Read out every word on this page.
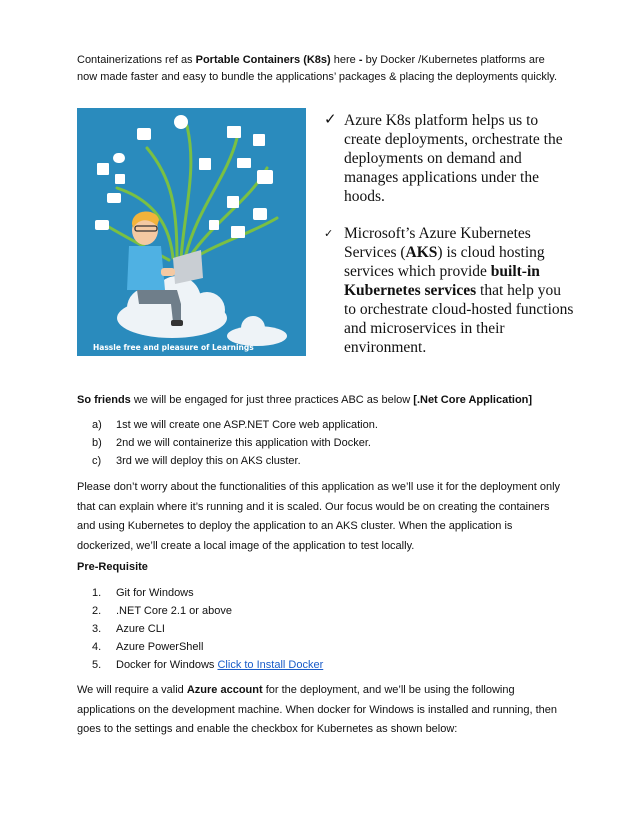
Containerizations ref as Portable Containers (K8s) here - by Docker /Kubernetes platforms are now made faster and easy to bundle the applications’ packages & placing the deployments quickly.

Hassle free and pleasure of Learnings
✓ Azure K8s platform helps us to create deployments, orchestrate the deployments on demand and manages applications under the hoods.
✓ Microsoft’s Azure Kubernetes Services (AKS) is cloud hosting services which provide built-in Kubernetes services that help you to orchestrate cloud-hosted functions and microservices in their environment.

So friends we will be engaged for just three practices ABC as below [.Net Core Application]

a) 1st we will create one ASP.NET Core web application.
b) 2nd we will containerize this application with Docker.
c) 3rd we will deploy this on AKS cluster.

Please don’t worry about the functionalities of this application as we’ll use it for the deployment only that can explain where it’s running and it is scaled. Our focus would be on creating the containers and using Kubernetes to deploy the application to an AKS cluster. When the application is dockerized, we’ll create a local image of the application to test locally.

Pre-Requisite

1. Git for Windows
2. .NET Core 2.1 or above
3. Azure CLI
4. Azure PowerShell
5. Docker for Windows Click to Install Docker

We will require a valid Azure account for the deployment, and we’ll be using the following applications on the development machine. When docker for Windows is installed and running, then goes to the settings and enable the checkbox for Kubernetes as shown below:
